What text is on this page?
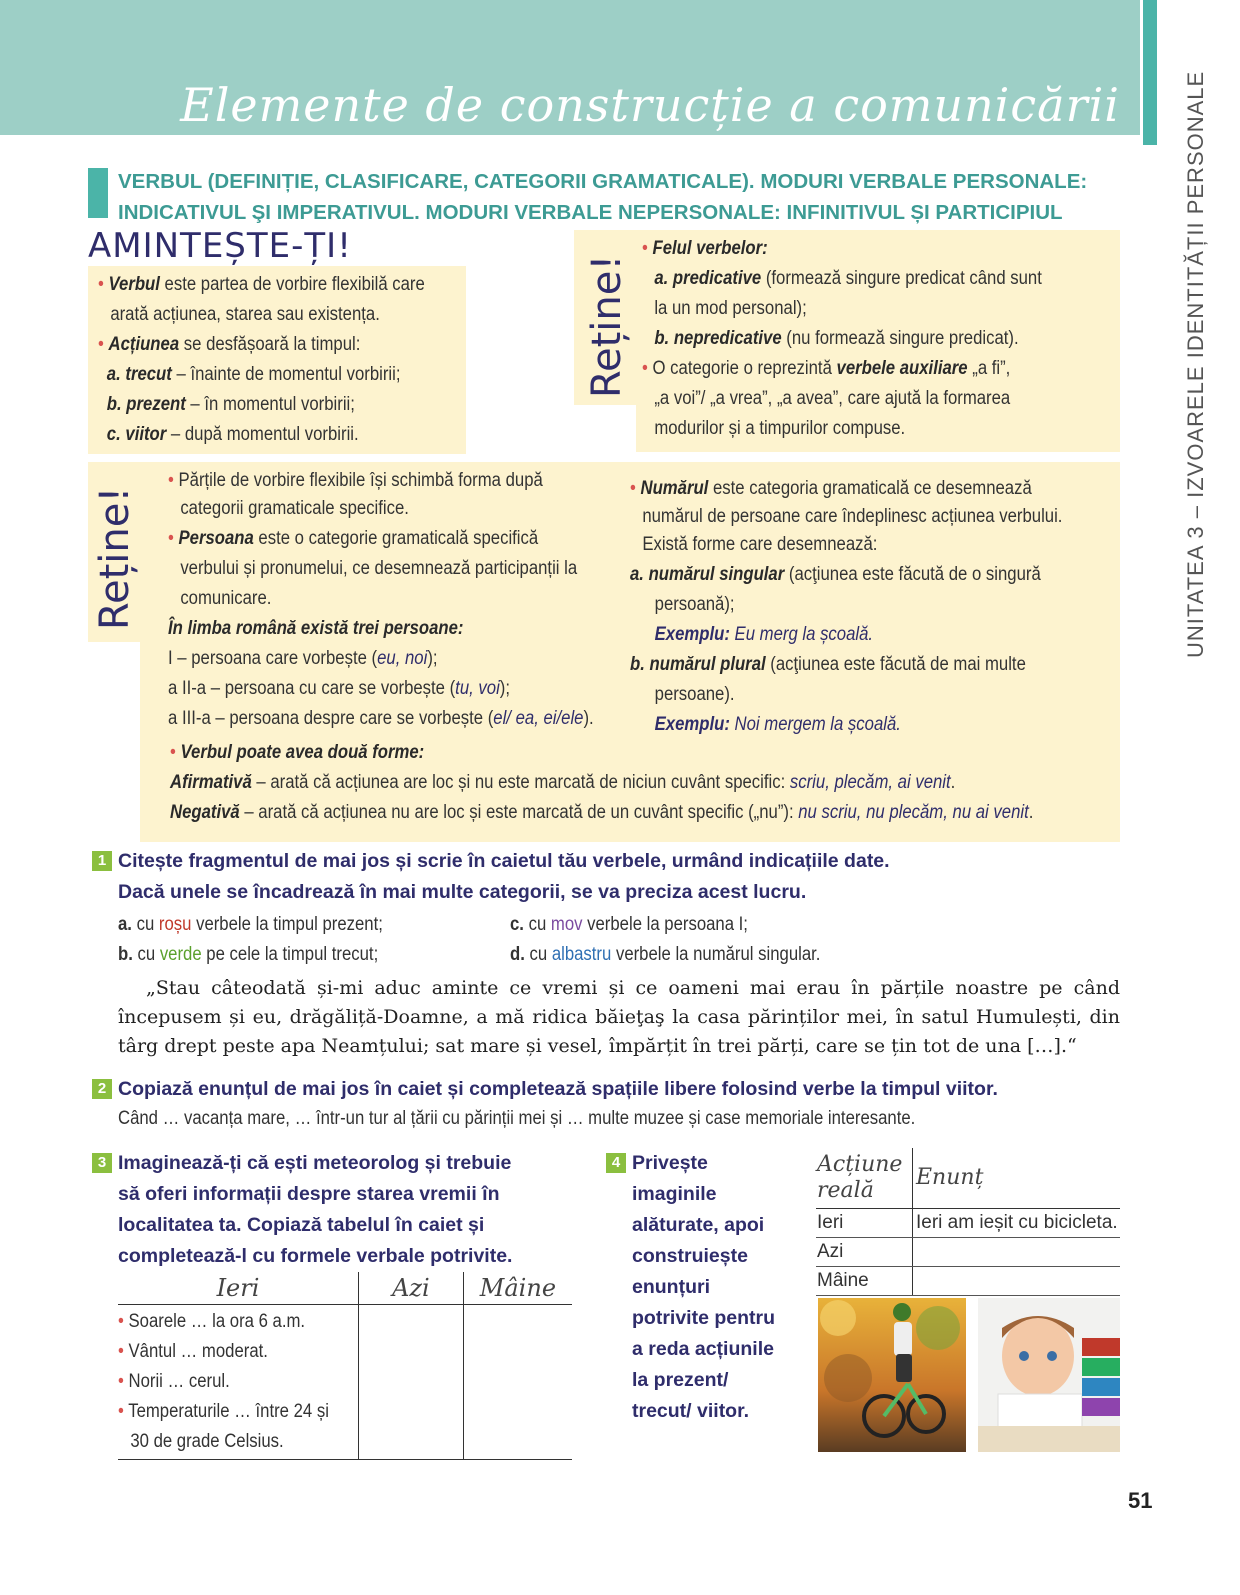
Elemente de construcție a comunicării	UNITATEA 3 – IZVOARELE IDENTITĂȚII PERSONALE
51
VERBUL (DEFINIȚIE, CLASIFICARE, CATEGORII GRAMATICALE). MODURI VERBALE PERSONALE:
INDICATIVUL ŞI IMPERATIVUL. MODURI VERBALE NEPERSONALE: INFINITIVUL ȘI PARTICIPIUL
AMINTEȘTE-ȚI!
• Verbul este partea de vorbire flexibilă care
arată acțiunea, starea sau existența.
• Acțiunea se desfășoară la timpul:
a. trecut – înainte de momentul vorbirii;
b. prezent – în momentul vorbirii;
c. viitor – după momentul vorbirii.
Reține!
• Felul verbelor:
a. predicative (formează singure predicat când sunt
la un mod personal);
b. nepredicative (nu formează singure predicat).
• O categorie o reprezintă verbele auxiliare „a fi”,
„a voi”/ „a vrea”, „a avea”, care ajută la formarea
modurilor și a timpurilor compuse.
Reține!
• Părțile de vorbire flexibile își schimbă forma după
categorii gramaticale specifice.
• Persoana este o categorie gramaticală specifică
verbului și pronumelui, ce desemnează participanții la
comunicare.
În limba română există trei persoane:
I – persoana care vorbește (eu, noi);
a II-a – persoana cu care se vorbește (tu, voi);
a III-a – persoana despre care se vorbește (el/ ea, ei/ele).
• Numărul este categoria gramaticală ce desemnează
numărul de persoane care îndeplinesc acțiunea verbului.
Există forme care desemnează:
a. numărul singular (acţiunea este făcută de o singură
persoană);
Exemplu: Eu merg la școală.
b. numărul plural (acţiunea este făcută de mai multe
persoane).
Exemplu: Noi mergem la școală.
• Verbul poate avea două forme:
Afirmativă – arată că acțiunea are loc și nu este marcată de niciun cuvânt specific: scriu, plecăm, ai venit.
Negativă – arată că acțiunea nu are loc și este marcată de un cuvânt specific („nu”): nu scriu, nu plecăm, nu ai venit.
1 Citește fragmentul de mai jos și scrie în caietul tău verbele, urmând indicațiile date.
Dacă unele se încadrează în mai multe categorii, se va preciza acest lucru.
a. cu roșu verbele la timpul prezent;
b. cu verde pe cele la timpul trecut;
c. cu mov verbele la persoana I;
d. cu albastru verbele la numărul singular.
„Stau câteodată și-mi aduc aminte ce vremi și ce oameni mai erau în părțile noastre pe când începusem și eu, drăgăliță-Doamne, a mă ridica băieţaş la casa părinților mei, în satul Humulești, din târg drept peste apa Neamțului; sat mare și vesel, împărțit în trei părți, care se țin tot de una […].“
2 Copiază enunțul de mai jos în caiet și completează spațiile libere folosind verbe la timpul viitor.
Când … vacanța mare, … într-un tur al țării cu părinții mei și … multe muzee și case memoriale interesante.
3 Imaginează-ți că ești meteorolog și trebuie
să oferi informații despre starea vremii în
localitatea ta. Copiază tabelul în caiet și
completează-l cu formele verbale potrivite.
Ieri	Azi	Mâine

• Soarele … la ora 6 a.m.
• Vântul … moderat.
• Norii … cerul.
• Temperaturile … între 24 și
30 de grade Celsius.		

4 Privește
imaginile
alăturate, apoi
construiește
enunțuri
potrivite pentru
a reda acțiunile
la prezent/
trecut/ viitor.
Acțiune
reală	Enunț
Ieri	Ieri am ieșit cu bicicleta.
Azi	
Mâine	
